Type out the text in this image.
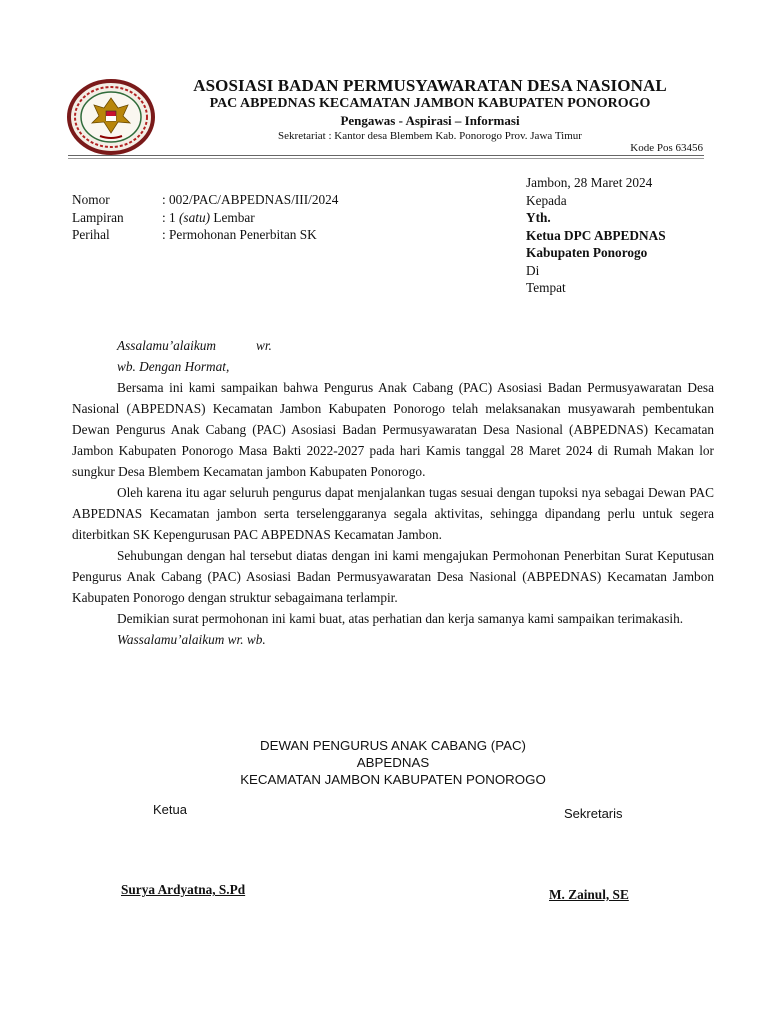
ASOSIASI BADAN PERMUSYAWARATAN DESA NASIONAL
PAC ABPEDNAS KECAMATAN JAMBON KABUPATEN PONOROGO
Pengawas - Aspirasi – Informasi
Sekretariat : Kantor desa Blembem Kab. Ponorogo Prov. Jawa Timur
Kode Pos 63456
Nomor	: 002/PAC/ABPEDNAS/III/2024
Lampiran	: 1 (satu) Lembar
Perihal	: Permohonan Penerbitan SK
Jambon, 28 Maret 2024
Kepada
Yth.
Ketua DPC ABPEDNAS
Kabupaten Ponorogo
Di
Tempat

Assalamu’alaikum	wr.

wb. Dengan Hormat,

Bersama ini kami sampaikan bahwa Pengurus Anak Cabang (PAC) Asosiasi Badan Permusyawaratan Desa Nasional (ABPEDNAS) Kecamatan Jambon Kabupaten Ponorogo telah melaksanakan musyawarah pembentukan Dewan Pengurus Anak Cabang (PAC) Asosiasi Badan Permusyawaratan Desa Nasional (ABPEDNAS) Kecamatan Jambon Kabupaten Ponorogo Masa Bakti 2022-2027 pada hari Kamis tanggal 28 Maret 2024 di Rumah Makan lor sungkur Desa Blembem Kecamatan jambon Kabupaten Ponorogo.

Oleh karena itu agar seluruh pengurus dapat menjalankan tugas sesuai dengan tupoksi nya sebagai Dewan PAC ABPEDNAS Kecamatan jambon serta terselenggaranya segala aktivitas, sehingga dipandang perlu untuk segera diterbitkan SK Kepengurusan PAC ABPEDNAS Kecamatan Jambon.

Sehubungan dengan hal tersebut diatas dengan ini kami mengajukan Permohonan Penerbitan Surat Keputusan Pengurus Anak Cabang (PAC) Asosiasi Badan Permusyawaratan Desa Nasional (ABPEDNAS) Kecamatan Jambon Kabupaten Ponorogo dengan struktur sebagaimana terlampir.

Demikian surat permohonan ini kami buat, atas perhatian dan kerja samanya kami sampaikan terimakasih.

Wassalamu’alaikum wr. wb.

DEWAN PENGURUS ANAK CABANG (PAC)
ABPEDNAS
KECAMATAN JAMBON KABUPATEN PONOROGO
Ketua	Sekretaris
Surya Ardyatna, S.Pd	M. Zainul, SE
